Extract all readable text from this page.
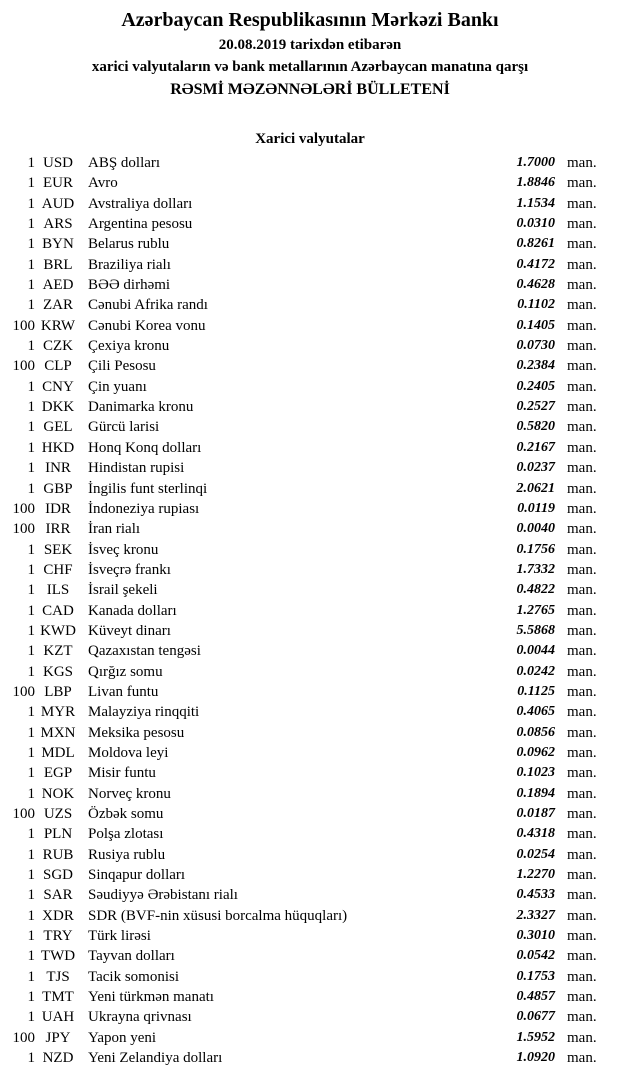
Azərbaycan Respublikasının Mərkəzi Bankı
20.08.2019 tarixdən etibarən
xarici valyutaların və bank metallarının Azərbaycan manatına qarşı
RƏSMİ MƏZƏNNƏLƏRİ BÜLLETENİ
Xarici valyutalar
1 USD	ABŞ dolları	1.7000 man.
1 EUR	Avro	1.8846 man.
1 AUD Avstraliya dolları	1.1534 man.
1 ARS	Argentina pesosu	0.0310 man.
1 BYN Belarus rublu	0.8261 man.
1 BRL	Braziliya rialı	0.4172 man.
1 AED BƏƏ dirhəmi	0.4628 man.
1 ZAR	Cənubi Afrika randı	0.1102 man.
100 KRW Cənubi Korea vonu	0.1405 man.
1 CZK	Çexiya kronu	0.0730 man.
100 CLP	Çili Pesosu	0.2384 man.
1 CNY Çin yuanı	0.2405 man.
1 DKK Danimarka kronu	0.2527 man.
1 GEL	Gürcü larisi	0.5820 man.
1 HKD Honq Konq dolları	0.2167 man.
1 INR	Hindistan rupisi	0.0237 man.
1 GBP	İngilis funt sterlinqi	2.0621 man.
100 IDR	İndoneziya rupiası	0.0119 man.
100 IRR	İran rialı	0.0040 man.
1 SEK	İsveç kronu	0.1756 man.
1 CHF	İsveçrə frankı	1.7332 man.
1 ILS	İsrail şekeli	0.4822 man.
1 CAD Kanada dolları	1.2765 man.
1 KWD Küveyt dinarı	5.5868 man.
1 KZT	Qazaxıstan tengəsi	0.0044 man.
1 KGS	Qırğız somu	0.0242 man.
100 LBP	Livan funtu	0.1125 man.
1 MYR Malayziya rinqqiti	0.4065 man.
1 MXN Meksika pesosu	0.0856 man.
1 MDL Moldova leyi	0.0962 man.
1 EGP	Misir funtu	0.1023 man.
1 NOK Norveç kronu	0.1894 man.
100 UZS	Özbək somu	0.0187 man.
1 PLN	Polşa zlotası	0.4318 man.
1 RUB Rusiya rublu	0.0254 man.
1 SGD	Sinqapur dolları	1.2270 man.
1 SAR	Səudiyyə Ərəbistanı rialı	0.4533 man.
1 XDR SDR (BVF-nin xüsusi borcalma hüquqları)	2.3327 man.
1 TRY	Türk lirəsi	0.3010 man.
1 TWD Tayvan dolları	0.0542 man.
1 TJS	Tacik somonisi	0.1753 man.
1 TMT Yeni türkmən manatı	0.4857 man.
1 UAH Ukrayna qrivnası	0.0677 man.
100 JPY	Yapon yeni	1.5952 man.
1 NZD Yeni Zelandiya dolları	1.0920 man.
